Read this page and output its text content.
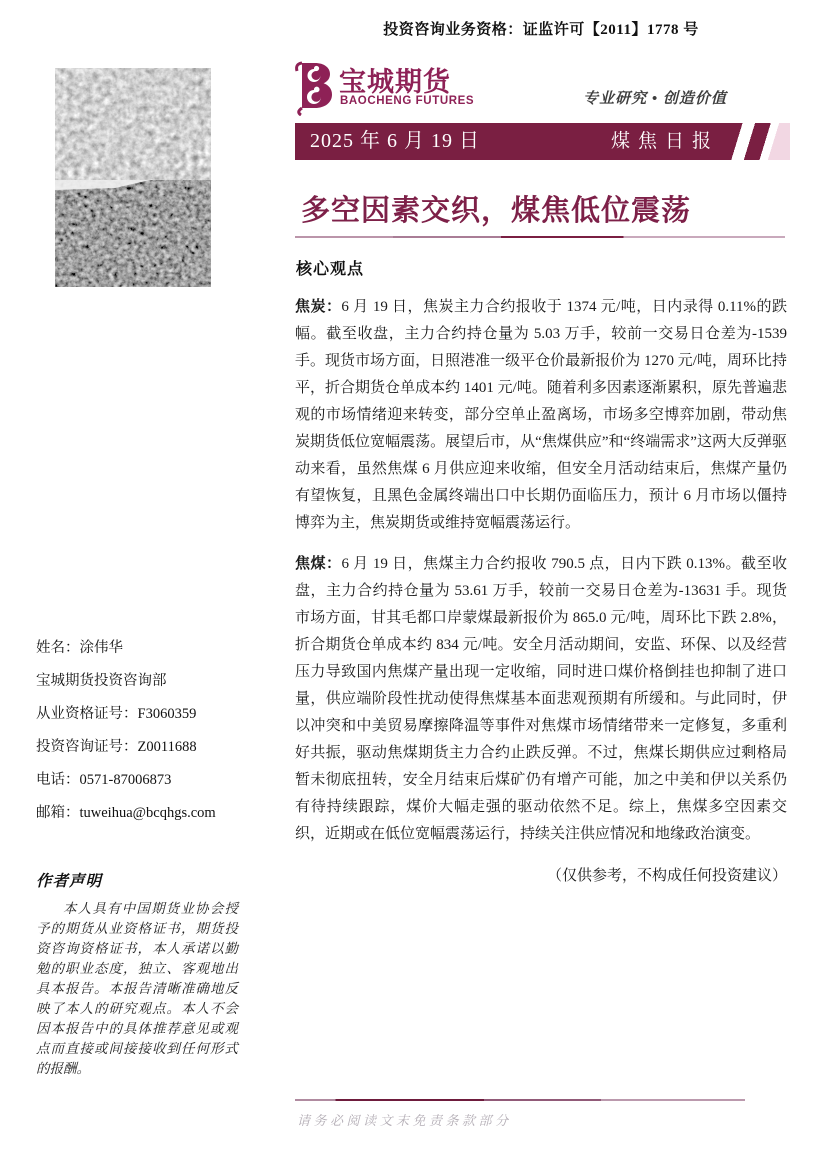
投资咨询业务资格：证监许可【2011】1778 号
宝城期货
BAOCHENG FUTURES	专业研究 • 创造价值
2025 年 6 月 19 日	煤焦日报
多空因素交织，煤焦低位震荡
核心观点

焦炭：6 月 19 日，焦炭主力合约报收于 1374 元/吨，日内录得 0.11%的跌幅。截至收盘，主力合约持仓量为 5.03 万手，较前一交易日仓差为-1539 手。现货市场方面，日照港准一级平仓价最新报价为 1270 元/吨，周环比持平，折合期货仓单成本约 1401 元/吨。随着利多因素逐渐累积，原先普遍悲观的市场情绪迎来转变，部分空单止盈离场，市场多空博弈加剧，带动焦炭期货低位宽幅震荡。展望后市，从“焦煤供应”和“终端需求”这两大反弹驱动来看，虽然焦煤 6 月供应迎来收缩，但安全月活动结束后，焦煤产量仍有望恢复，且黑色金属终端出口中长期仍面临压力，预计 6 月市场以僵持博弈为主，焦炭期货或维持宽幅震荡运行。

焦煤：6 月 19 日，焦煤主力合约报收 790.5 点，日内下跌 0.13%。截至收盘，主力合约持仓量为 53.61 万手，较前一交易日仓差为-13631 手。现货市场方面，甘其毛都口岸蒙煤最新报价为 865.0 元/吨，周环比下跌 2.8%，折合期货仓单成本约 834 元/吨。安全月活动期间，安监、环保、以及经营压力导致国内焦煤产量出现一定收缩，同时进口煤价格倒挂也抑制了进口量，供应端阶段性扰动使得焦煤基本面悲观预期有所缓和。与此同时，伊以冲突和中美贸易摩擦降温等事件对焦煤市场情绪带来一定修复，多重利好共振，驱动焦煤期货主力合约止跌反弹。不过，焦煤长期供应过剩格局暂未彻底扭转，安全月结束后煤矿仍有增产可能，加之中美和伊以关系仍有待持续跟踪，煤价大幅走强的驱动依然不足。综上，焦煤多空因素交织，近期或在低位宽幅震荡运行，持续关注供应情况和地缘政治演变。

（仅供参考，不构成任何投资建议）

姓名：涂伟华

宝城期货投资咨询部

从业资格证号：F3060359

投资咨询证号：Z0011688

电话：0571-87006873

邮箱：tuweihua@bcqhgs.com

作者声明

本人具有中国期货业协会授予的期货从业资格证书，期货投资咨询资格证书，本人承诺以勤勉的职业态度，独立、客观地出具本报告。本报告清晰准确地反映了本人的研究观点。本人不会因本报告中的具体推荐意见或观点而直接或间接接收到任何形式的报酬。

请务必阅读文末免责条款部分
